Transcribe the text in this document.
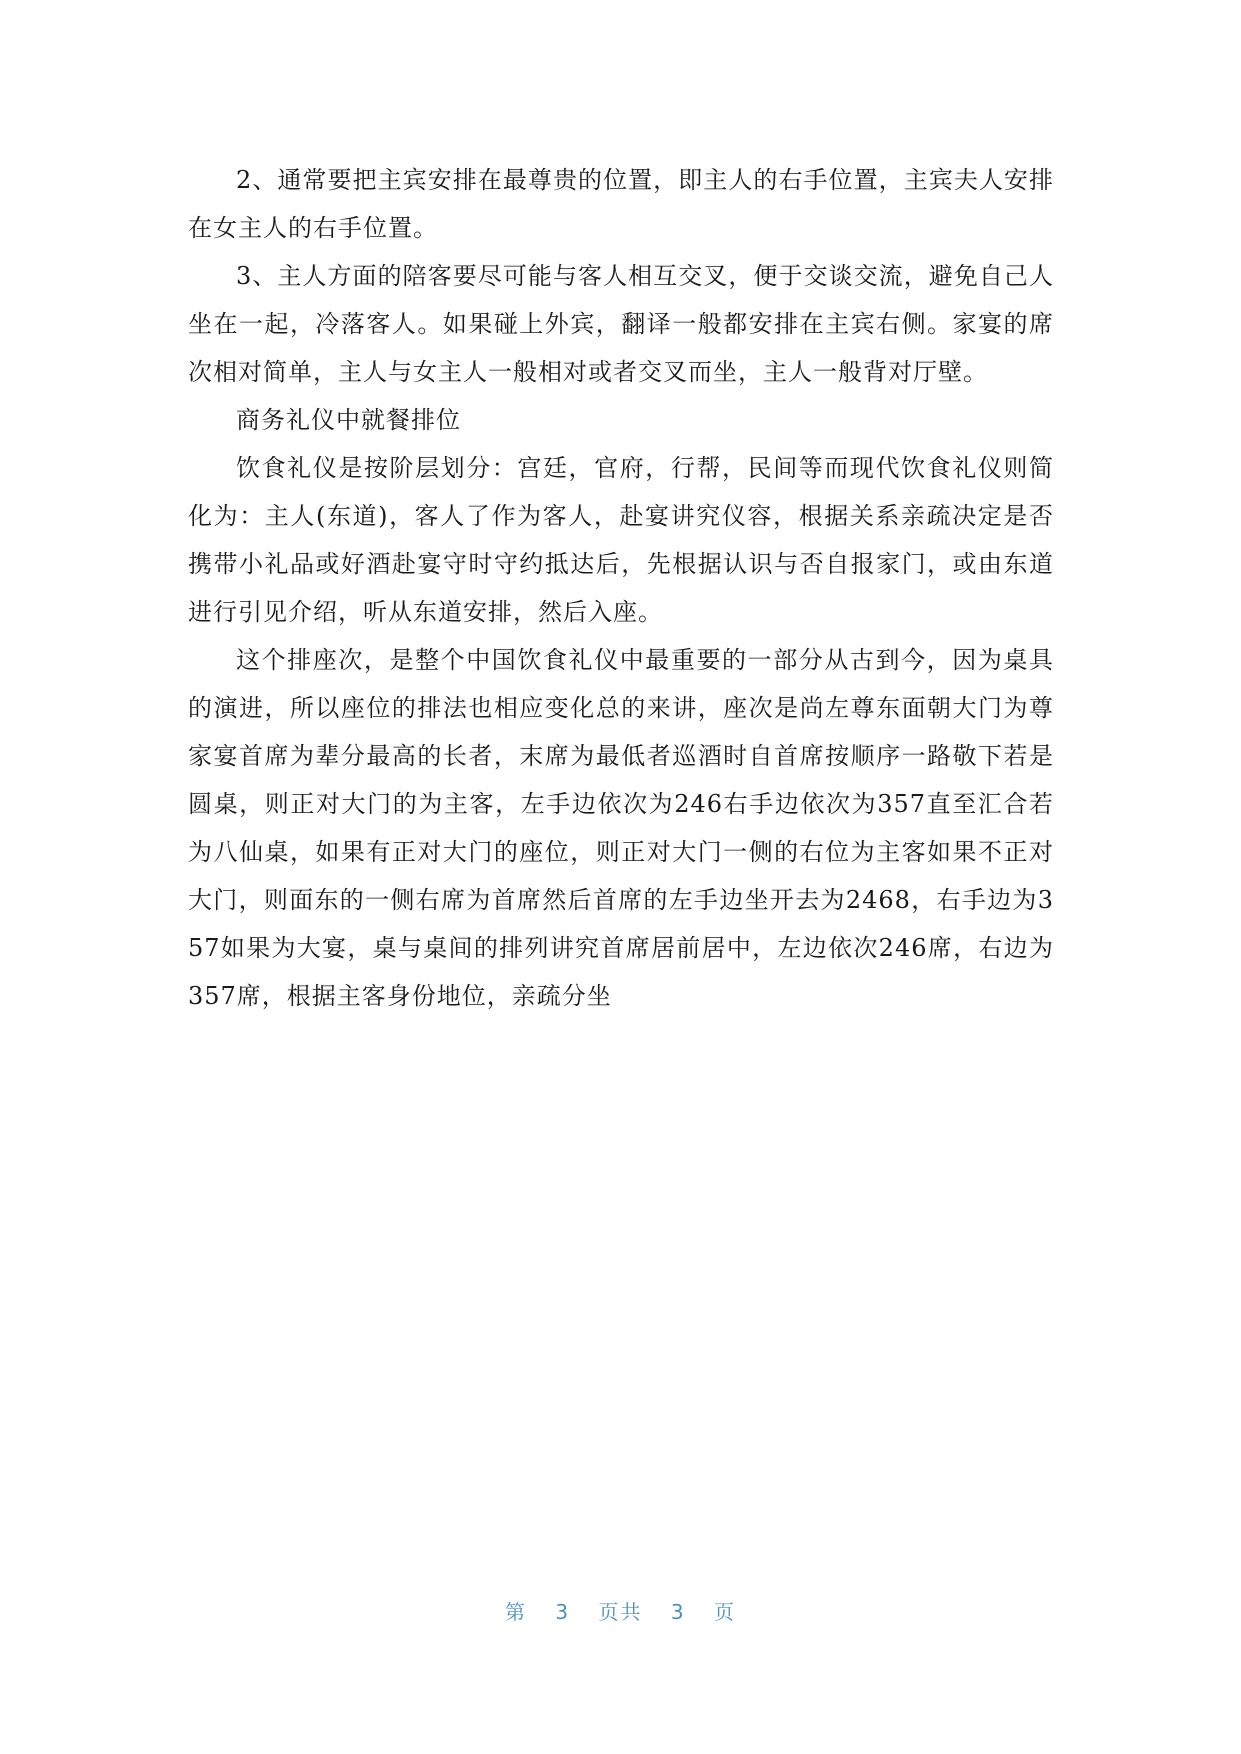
2、通常要把主宾安排在最尊贵的位置，即主人的右手位置，主宾夫人安排在女主人的右手位置。

3、主人方面的陪客要尽可能与客人相互交叉，便于交谈交流，避免自己人坐在一起，冷落客人。如果碰上外宾，翻译一般都安排在主宾右侧。家宴的席次相对简单，主人与女主人一般相对或者交叉而坐，主人一般背对厅壁。

商务礼仪中就餐排位

饮食礼仪是按阶层划分：宫廷，官府，行帮，民间等而现代饮食礼仪则简化为：主人(东道)，客人了作为客人，赴宴讲究仪容，根据关系亲疏决定是否携带小礼品或好酒赴宴守时守约抵达后，先根据认识与否自报家门，或由东道进行引见介绍，听从东道安排，然后入座。

这个排座次，是整个中国饮食礼仪中最重要的一部分从古到今，因为桌具的演进，所以座位的排法也相应变化总的来讲，座次是尚左尊东面朝大门为尊家宴首席为辈分最高的长者，末席为最低者巡酒时自首席按顺序一路敬下若是圆桌，则正对大门的为主客，左手边依次为246右手边依次为357直至汇合若为八仙桌，如果有正对大门的座位，则正对大门一侧的右位为主客如果不正对大门，则面东的一侧右席为首席然后首席的左手边坐开去为2468，右手边为357如果为大宴，桌与桌间的排列讲究首席居前居中，左边依次246席，右边为357席，根据主客身份地位，亲疏分坐

第 3 页共 3 页
